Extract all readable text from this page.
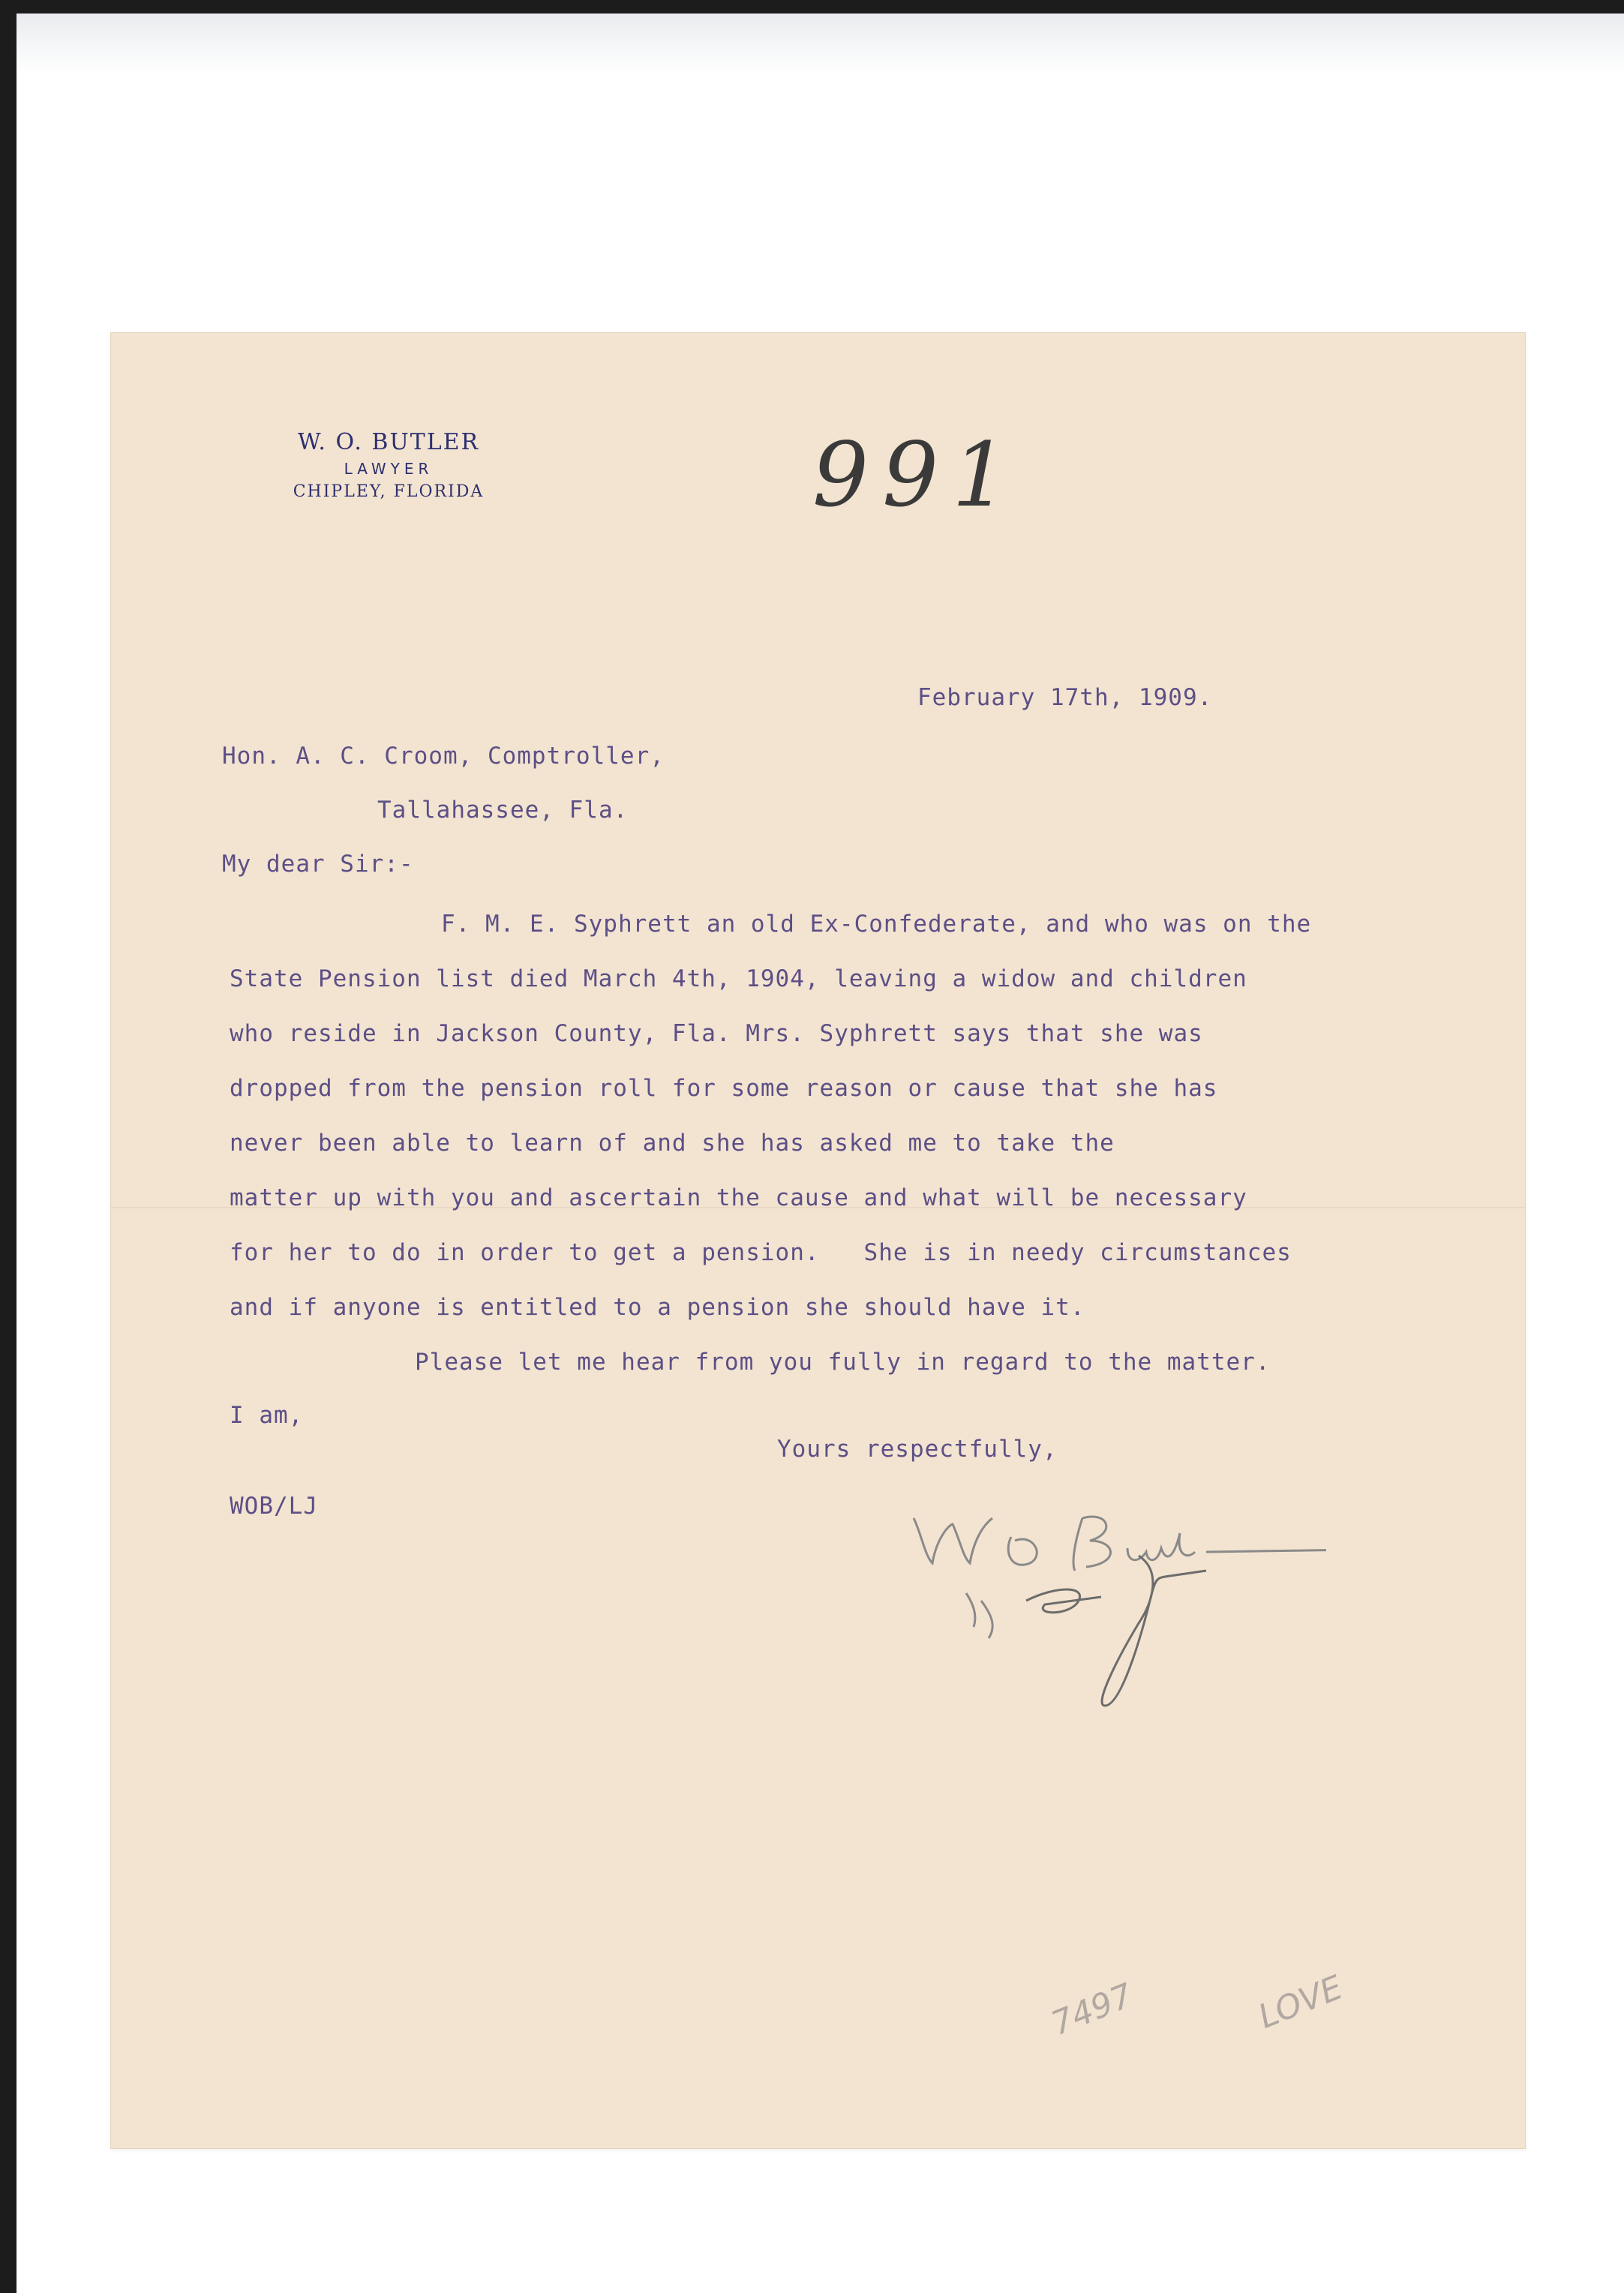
W. O. BUTLER
LAWYER
CHIPLEY, FLORIDA	991
February 17th, 1909.
Hon. A. C. Croom, Comptroller,
Tallahassee, Fla.
My dear Sir:-
F. M. E. Syphrett an old Ex-Confederate, and who was on the
State Pension list died March 4th, 1904, leaving a widow and children
who reside in Jackson County, Fla. Mrs. Syphrett says that she was
dropped from the pension roll for some reason or cause that she has
never been able to learn of and she has asked me to take the
matter up with you and ascertain the cause and what will be necessary
for her to do in order to get a pension.   She is in needy circumstances
and if anyone is entitled to a pension she should have it.
Please let me hear from you fully in regard to the matter.
I am,
Yours respectfully,
WOB/LJ
7497	LOVE
